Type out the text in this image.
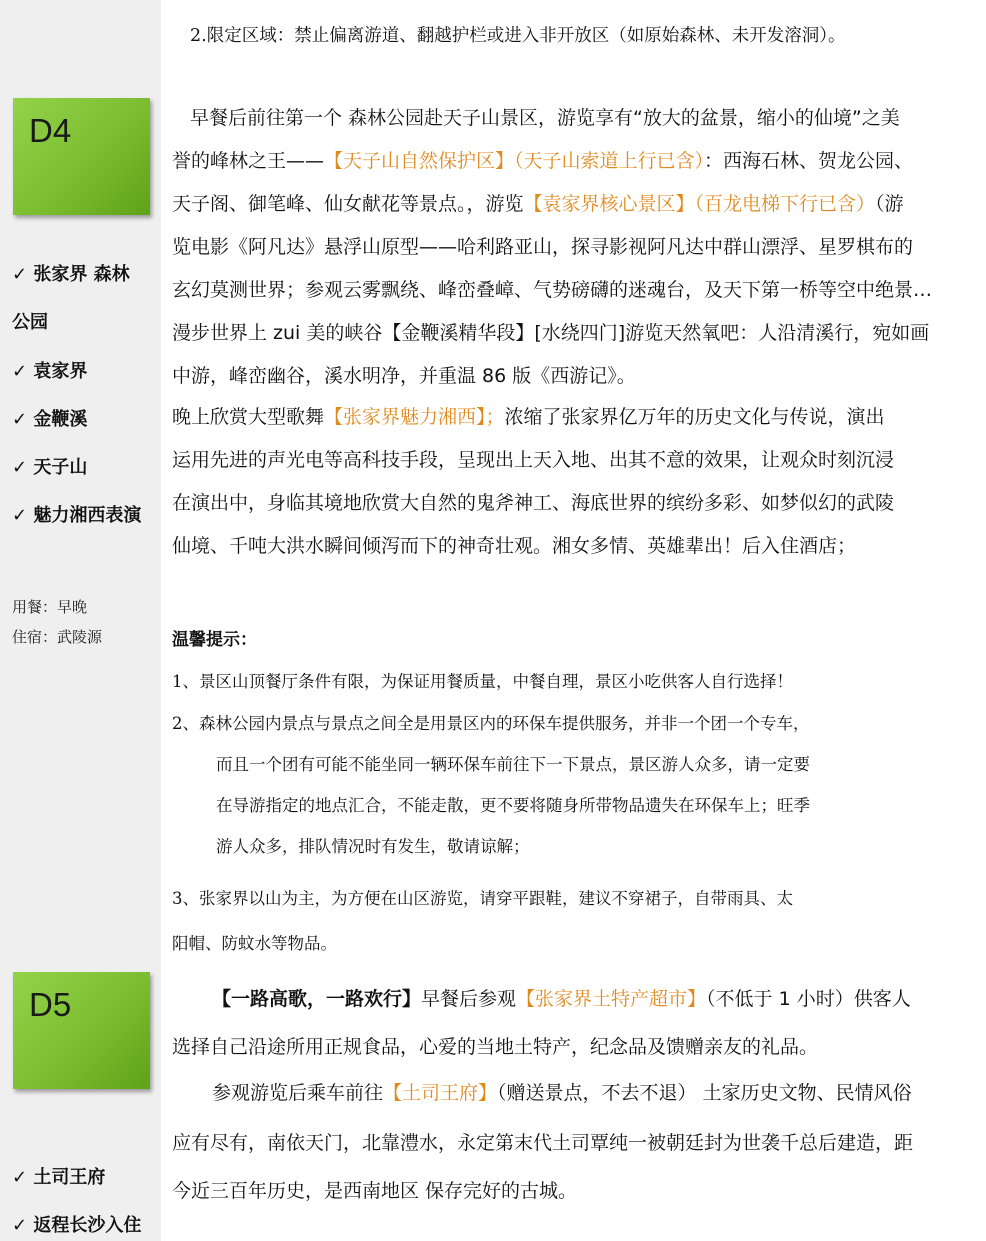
D4
✓ 张家界 森林
公园
✓ 袁家界
✓ 金鞭溪
✓ 天子山
✓ 魅力湘西表演
用餐：早晚
住宿：武陵源
D5
✓ 土司王府
✓ 返程长沙入住
2.限定区域：禁止偏离游道、翻越护栏或进入非开放区（如原始森林、未开发溶洞）。
早餐后前往第一个 森林公园赴天子山景区，游览享有“放大的盆景，缩小的仙境”之美
誉的峰林之王——【天子山自然保护区】（天子山索道上行已含）：西海石林、贺龙公园、
天子阁、御笔峰、仙女献花等景点。，游览【袁家界核心景区】（百龙电梯下行已含）（游
览电影《阿凡达》悬浮山原型——哈利路亚山，探寻影视阿凡达中群山漂浮、星罗棋布的
玄幻莫测世界；参观云雾飘绕、峰峦叠嶂、气势磅礴的迷魂台，及天下第一桥等空中绝景…
漫步世界上 zui 美的峡谷【金鞭溪精华段】[水绕四门]游览天然氧吧：人沿清溪行，宛如画
中游，峰峦幽谷，溪水明净，并重温 86 版《西游记》。
晚上欣赏大型歌舞【张家界魅力湘西】；浓缩了张家界亿万年的历史文化与传说，演出
运用先进的声光电等高科技手段，呈现出上天入地、出其不意的效果，让观众时刻沉浸
在演出中，身临其境地欣赏大自然的鬼斧神工、海底世界的缤纷多彩、如梦似幻的武陵
仙境、千吨大洪水瞬间倾泻而下的神奇壮观。湘女多情、英雄辈出！后入住酒店；
温馨提示：
1、景区山顶餐厅条件有限，为保证用餐质量，中餐自理，景区小吃供客人自行选择！
2、森林公园内景点与景点之间全是用景区内的环保车提供服务，并非一个团一个专车，
而且一个团有可能不能坐同一辆环保车前往下一下景点，景区游人众多，请一定要
在导游指定的地点汇合，不能走散，更不要将随身所带物品遗失在环保车上；旺季
游人众多，排队情况时有发生，敬请谅解；
3、张家界以山为主，为方便在山区游览，请穿平跟鞋，建议不穿裙子，自带雨具、太
阳帽、防蚊水等物品。
【一路高歌，一路欢行】早餐后参观【张家界土特产超市】（不低于 1 小时）供客人
选择自己沿途所用正规食品，心爱的当地土特产，纪念品及馈赠亲友的礼品。
参观游览后乘车前往【土司王府】（赠送景点，不去不退） 土家历史文物、民情风俗
应有尽有，南依天门，北靠澧水，永定第末代土司覃纯一被朝廷封为世袭千总后建造，距
今近三百年历史，是西南地区 保存完好的古城。
